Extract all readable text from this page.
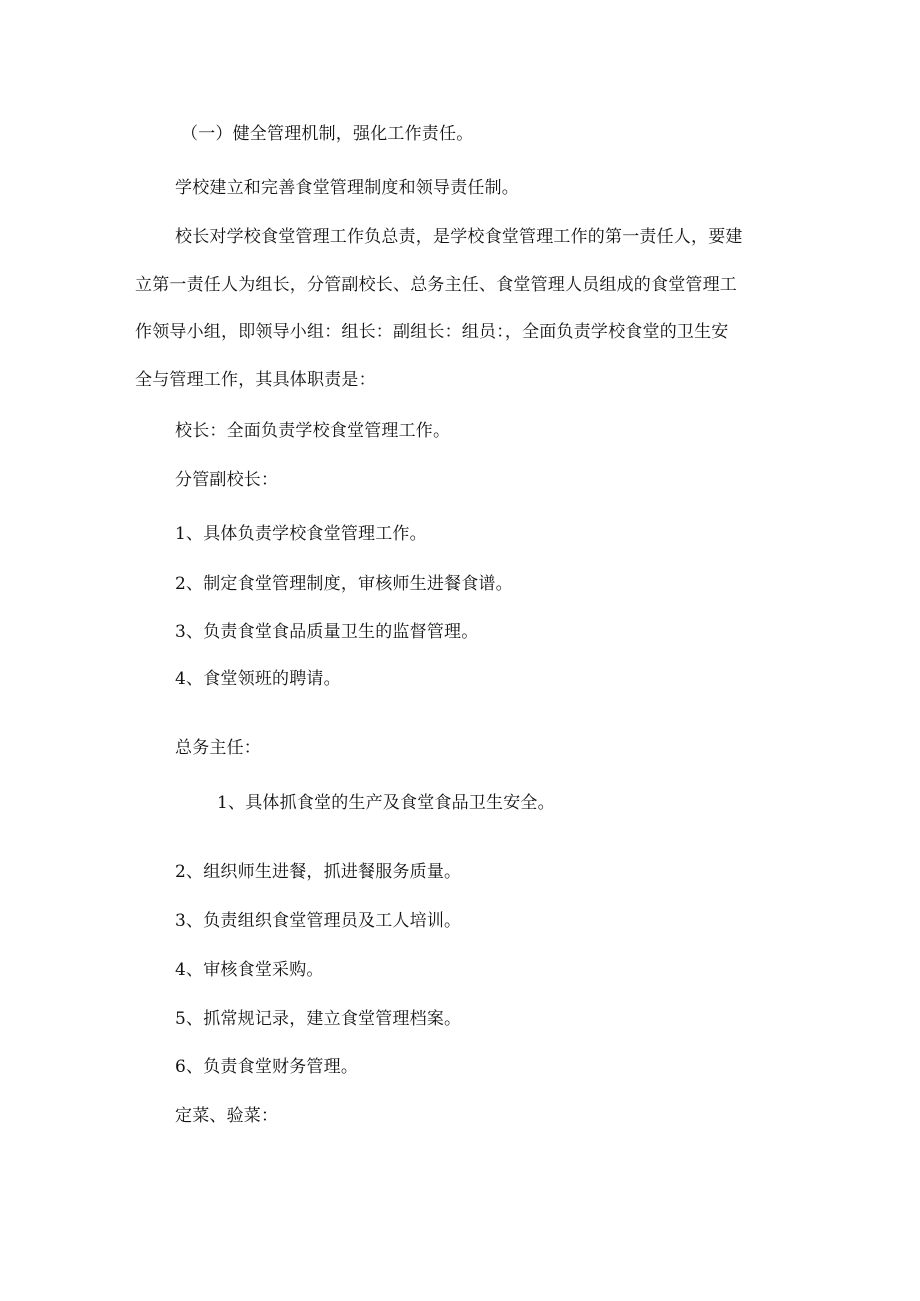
（一）健全管理机制，强化工作责任。

学校建立和完善食堂管理制度和领导责任制。

校长对学校食堂管理工作负总责，是学校食堂管理工作的第一责任人，要建

立第一责任人为组长，分管副校长、总务主任、食堂管理人员组成的食堂管理工

作领导小组，即领导小组：组长：副组长：组员：，全面负责学校食堂的卫生安

全与管理工作，其具体职责是：

校长：全面负责学校食堂管理工作。

分管副校长：

1、具体负责学校食堂管理工作。

2、制定食堂管理制度，审核师生进餐食谱。

3、负责食堂食品质量卫生的监督管理。

4、食堂领班的聘请。

总务主任：

1、具体抓食堂的生产及食堂食品卫生安全。

2、组织师生进餐，抓进餐服务质量。

3、负责组织食堂管理员及工人培训。

4、审核食堂采购。

5、抓常规记录，建立食堂管理档案。

6、负责食堂财务管理。

定菜、验菜：
